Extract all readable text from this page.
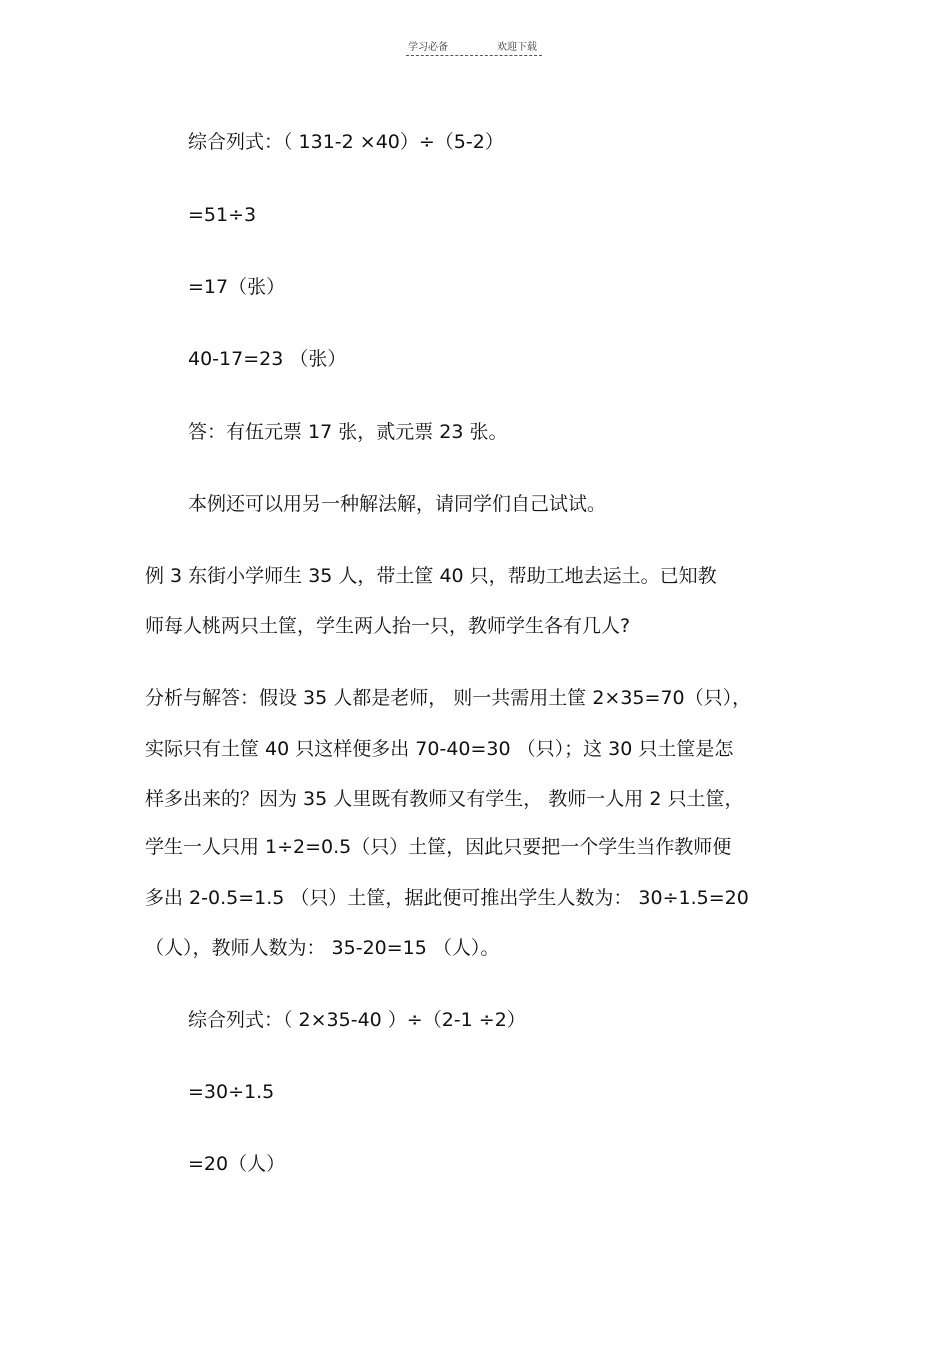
学习必备	欢迎下载
综合列式：（ 131-2 ×40）÷（5-2）
=51÷3
=17（张）
40-17=23 （张）
答：有伍元票 17 张，贰元票 23 张。
本例还可以用另一种解法解，请同学们自己试试。
例 3 东街小学师生 35 人，带土筐 40 只，帮助工地去运土。已知教
师每人桃两只土筐，学生两人抬一只，教师学生各有几人?
分析与解答：假设 35 人都是老师， 则一共需用土筐 2×35=70（只），
实际只有土筐 40 只这样便多出 70-40=30 （只）；这 30 只土筐是怎
样多出来的？因为 35 人里既有教师又有学生， 教师一人用 2 只土筐，
学生一人只用 1÷2=0.5（只）土筐，因此只要把一个学生当作教师便
多出 2-0.5=1.5 （只）土筐，据此便可推出学生人数为： 30÷1.5=20
（人），教师人数为： 35-20=15 （人）。
综合列式：（ 2×35-40 ）÷（2-1 ÷2）
=30÷1.5
=20（人）
